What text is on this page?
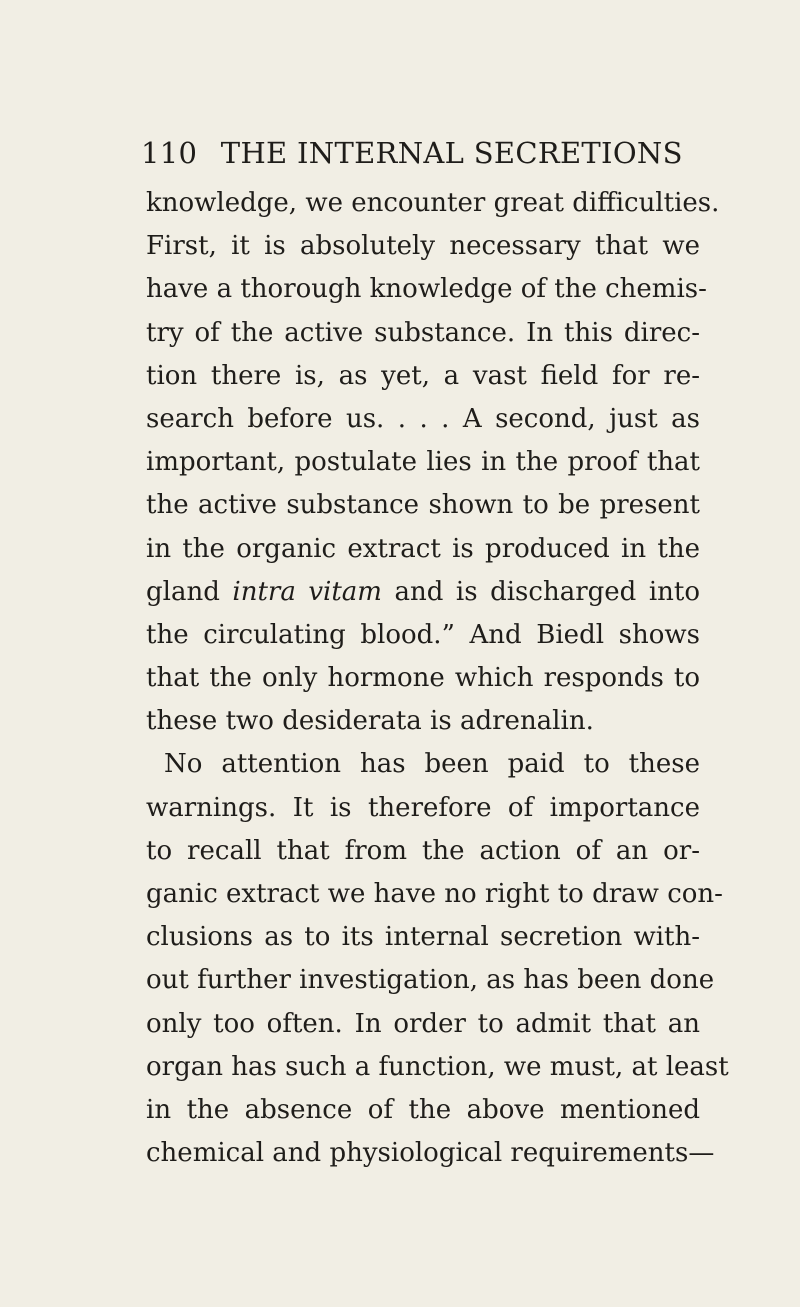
110 THE INTERNAL SECRETIONS
knowledge, we encounter great difficulties.
First, it is absolutely necessary that we
have a thorough knowledge of the chemis-
try of the active substance. In this direc-
tion there is, as yet, a vast field for re-
search before us. . . . A second, just as
important, postulate lies in the proof that
the active substance shown to be present
in the organic extract is produced in the
gland intra vitam and is discharged into
the circulating blood.” And Biedl shows
that the only hormone which responds to
these two desiderata is adrenalin.
No attention has been paid to these
warnings. It is therefore of importance
to recall that from the action of an or-
ganic extract we have no right to draw con-
clusions as to its internal secretion with-
out further investigation, as has been done
only too often. In order to admit that an
organ has such a function, we must, at least
in the absence of the above mentioned
chemical and physiological requirements—
